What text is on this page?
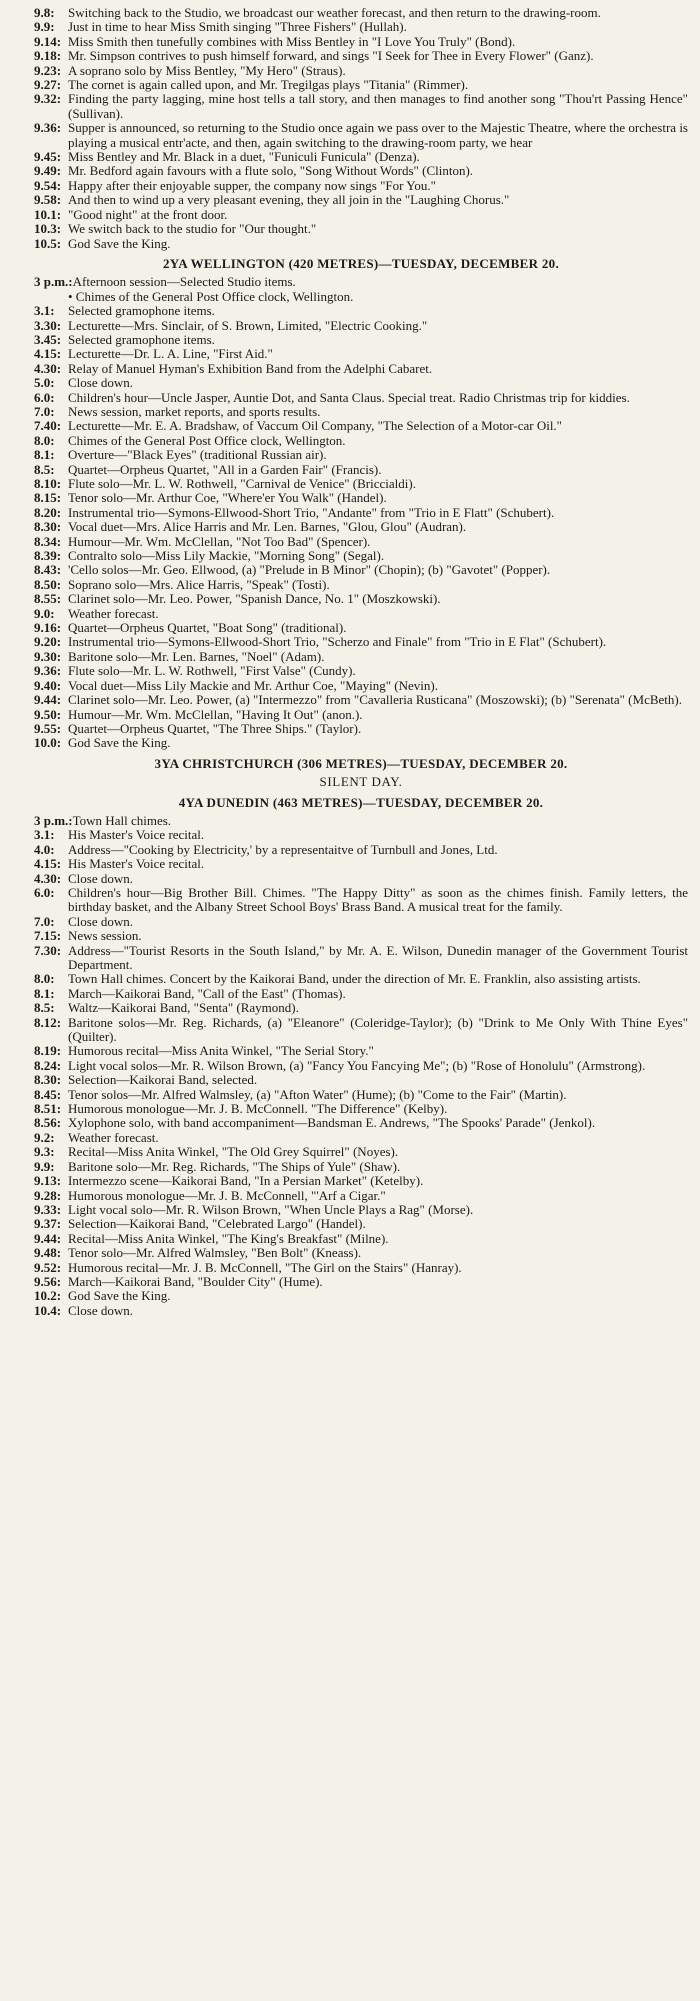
9.8:	Switching back to the Studio, we broadcast our weather forecast, and then return to the drawing-room.
9.9:	Just in time to hear Miss Smith singing "Three Fishers" (Hullah).
9.14: Miss Smith then tunefully combines with Miss Bentley in "I Love You Truly" (Bond).
9.18: Mr. Simpson contrives to push himself forward, and sings "I Seek for Thee in Every Flower" (Ganz).
9.23: A soprano solo by Miss Bentley, "My Hero" (Straus).
9.27: The cornet is again called upon, and Mr. Tregilgas plays "Titania" (Rimmer).
9.32: Finding the party lagging, mine host tells a tall story, and then manages to find another song "Thou'rt Passing Hence" (Sullivan).
9.36: Supper is announced, so returning to the Studio once again we pass over to the Majestic Theatre, where the orchestra is playing a musical entr'acte, and then, again switching to the drawing-room party, we hear
9.45: Miss Bentley and Mr. Black in a duet, "Funiculi Funicula" (Denza).
9.49: Mr. Bedford again favours with a flute solo, "Song Without Words" (Clinton).
9.54: Happy after their enjoyable supper, the company now sings "For You."
9.58: And then to wind up a very pleasant evening, they all join in the "Laughing Chorus."
10.1: "Good night" at the front door.
10.3: We switch back to the studio for "Our thought."
10.5: God Save the King.
2YA WELLINGTON (420 METRES)—TUESDAY, DECEMBER 20.
3 p.m.: Afternoon session—Selected Studio items.
• Chimes of the General Post Office clock, Wellington.
3.1:	Selected gramophone items.
3.30: Lecturette—Mrs. Sinclair, of S. Brown, Limited, "Electric Cooking."
3.45: Selected gramophone items.
4.15: Lecturette—Dr. L. A. Line, "First Aid."
4.30: Relay of Manuel Hyman's Exhibition Band from the Adelphi Cabaret.
5.0:	Close down.
6.0:	Children's hour—Uncle Jasper, Auntie Dot, and Santa Claus. Special treat. Radio Christmas trip for kiddies.
7.0:	News session, market reports, and sports results.
7.40: Lecturette—Mr. E. A. Bradshaw, of Vaccum Oil Company, "The Selection of a Motor-car Oil."
8.0:	Chimes of the General Post Office clock, Wellington.
8.1:	Overture—"Black Eyes" (traditional Russian air).
8.5:	Quartet—Orpheus Quartet, "All in a Garden Fair" (Francis).
8.10: Flute solo—Mr. L. W. Rothwell, "Carnival de Venice" (Briccialdi).
8.15: Tenor solo—Mr. Arthur Coe, "Where'er You Walk" (Handel).
8.20: Instrumental trio—Symons-Ellwood-Short Trio, "Andante" from "Trio in E Flatt" (Schubert).
8.30: Vocal duet—Mrs. Alice Harris and Mr. Len. Barnes, "Glou, Glou" (Audran).
8.34: Humour—Mr. Wm. McClellan, "Not Too Bad" (Spencer).
8.39: Contralto solo—Miss Lily Mackie, "Morning Song" (Segal).
8.43: 'Cello solos—Mr. Geo. Ellwood, (a) "Prelude in B Minor" (Chopin); (b) "Gavotet" (Popper).
8.50: Soprano solo—Mrs. Alice Harris, "Speak" (Tosti).
8.55: Clarinet solo—Mr. Leo. Power, "Spanish Dance, No. 1" (Moszkowski).
9.0:	Weather forecast.
9.16: Quartet—Orpheus Quartet, "Boat Song" (traditional).
9.20: Instrumental trio—Symons-Ellwood-Short Trio, "Scherzo and Finale" from "Trio in E Flat" (Schubert).
9.30: Baritone solo—Mr. Len. Barnes, "Noel" (Adam).
9.36: Flute solo—Mr. L. W. Rothwell, "First Valse" (Cundy).
9.40: Vocal duet—Miss Lily Mackie and Mr. Arthur Coe, "Maying" (Nevin).
9.44: Clarinet solo—Mr. Leo. Power, (a) "Intermezzo" from "Cavalleria Rusticana" (Moszowski); (b) "Serenata" (McBeth).
9.50: Humour—Mr. Wm. McClellan, "Having It Out" (anon.).
9.55: Quartet—Orpheus Quartet, "The Three Ships." (Taylor).
10.0: God Save the King.
3YA CHRISTCHURCH (306 METRES)—TUESDAY, DECEMBER 20.
SILENT DAY.
4YA DUNEDIN (463 METRES)—TUESDAY, DECEMBER 20.
3 p.m.: Town Hall chimes.
3.1:	His Master's Voice recital.
4.0:	Address—"Cooking by Electricity,' by a representaitve of Turnbull and Jones, Ltd.
4.15: His Master's Voice recital.
4.30: Close down.
6.0:	Children's hour—Big Brother Bill. Chimes. "The Happy Ditty" as soon as the chimes finish. Family letters, the birthday basket, and the Albany Street School Boys' Brass Band. A musical treat for the family.
7.0:	Close down.
7.15: News session.
7.30: Address—"Tourist Resorts in the South Island," by Mr. A. E. Wilson, Dunedin manager of the Government Tourist Department.
8.0:	Town Hall chimes. Concert by the Kaikorai Band, under the direction of Mr. E. Franklin, also assisting artists.
8.1:	March—Kaikorai Band, "Call of the East" (Thomas).
8.5:	Waltz—Kaikorai Band, "Senta" (Raymond).
8.12: Baritone solos—Mr. Reg. Richards, (a) "Eleanore" (Coleridge-Taylor); (b) "Drink to Me Only With Thine Eyes" (Quilter).
8.19: Humorous recital—Miss Anita Winkel, "The Serial Story."
8.24: Light vocal solos—Mr. R. Wilson Brown, (a) "Fancy You Fancying Me"; (b) "Rose of Honolulu" (Armstrong).
8.30: Selection—Kaikorai Band, selected.
8.45: Tenor solos—Mr. Alfred Walmsley, (a) "Afton Water" (Hume); (b) "Come to the Fair" (Martin).
8.51: Humorous monologue—Mr. J. B. McConnell. "The Difference" (Kelby).
8.56: Xylophone solo, with band accompaniment—Bandsman E. Andrews, "The Spooks' Parade" (Jenkol).
9.2:	Weather forecast.
9.3:	Recital—Miss Anita Winkel, "The Old Grey Squirrel" (Noyes).
9.9:	Baritone solo—Mr. Reg. Richards, "The Ships of Yule" (Shaw).
9.13: Intermezzo scene—Kaikorai Band, "In a Persian Market" (Ketelby).
9.28: Humorous monologue—Mr. J. B. McConnell, "'Arf a Cigar."
9.33: Light vocal solo—Mr. R. Wilson Brown, "When Uncle Plays a Rag" (Morse).
9.37: Selection—Kaikorai Band, "Celebrated Largo" (Handel).
9.44: Recital—Miss Anita Winkel, "The King's Breakfast" (Milne).
9.48: Tenor solo—Mr. Alfred Walmsley, "Ben Bolt" (Kneass).
9.52: Humorous recital—Mr. J. B. McConnell, "The Girl on the Stairs" (Hanray).
9.56: March—Kaikorai Band, "Boulder City" (Hume).
10.2: God Save the King.
10.4: Close down.
